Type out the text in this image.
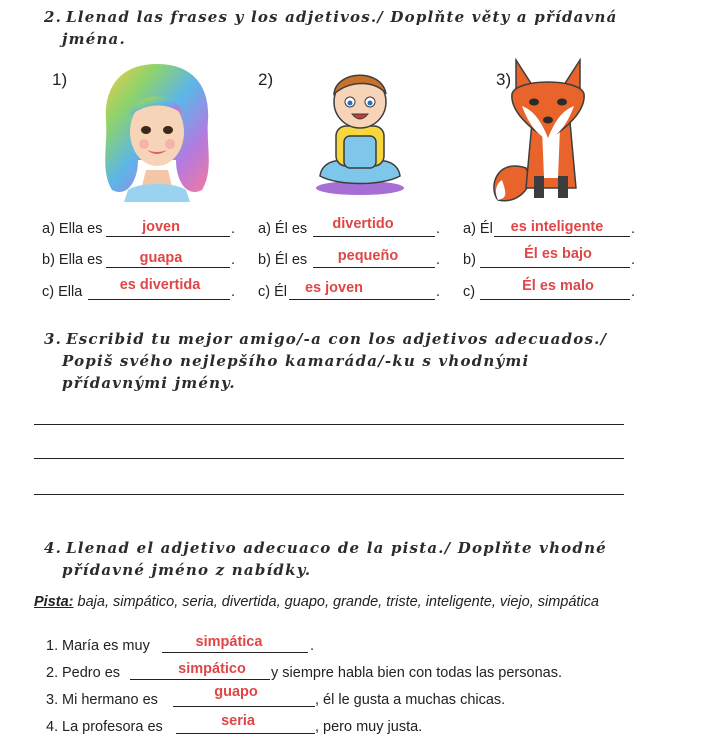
2. Llenad las frases y los adjetivos./ Doplňte věty a přídavná
jména.
1)	2)	3)
a) Ella es	joven	.
b) Ella es	guapa	.
c) Ella	es divertida	.
a) Él es	divertido	.
b) Él es	pequeño	.
c) Él	es joven	.
a) Él	es inteligente	.
b)	Él es bajo	.
c)	Él es malo	.
3. Escribid tu mejor amigo/-a con los adjetivos adecuados./
Popiš svého nejlepšího kamaráda/-ku s vhodnými
přídavnými jmény.
4. Llenad el adjetivo adecuaco de la pista./ Doplňte vhodné
přídavné jméno z nabídky.
Pista: baja, simpático, seria, divertida, guapo, grande, triste, inteligente, viejo, simpática
1. María es muy	simpática	.
2. Pedro es	simpático	y siempre habla bien con todas las personas.
3. Mi hermano es	guapo	, él le gusta a muchas chicas.
4. La profesora es	seria	, pero muy justa.
